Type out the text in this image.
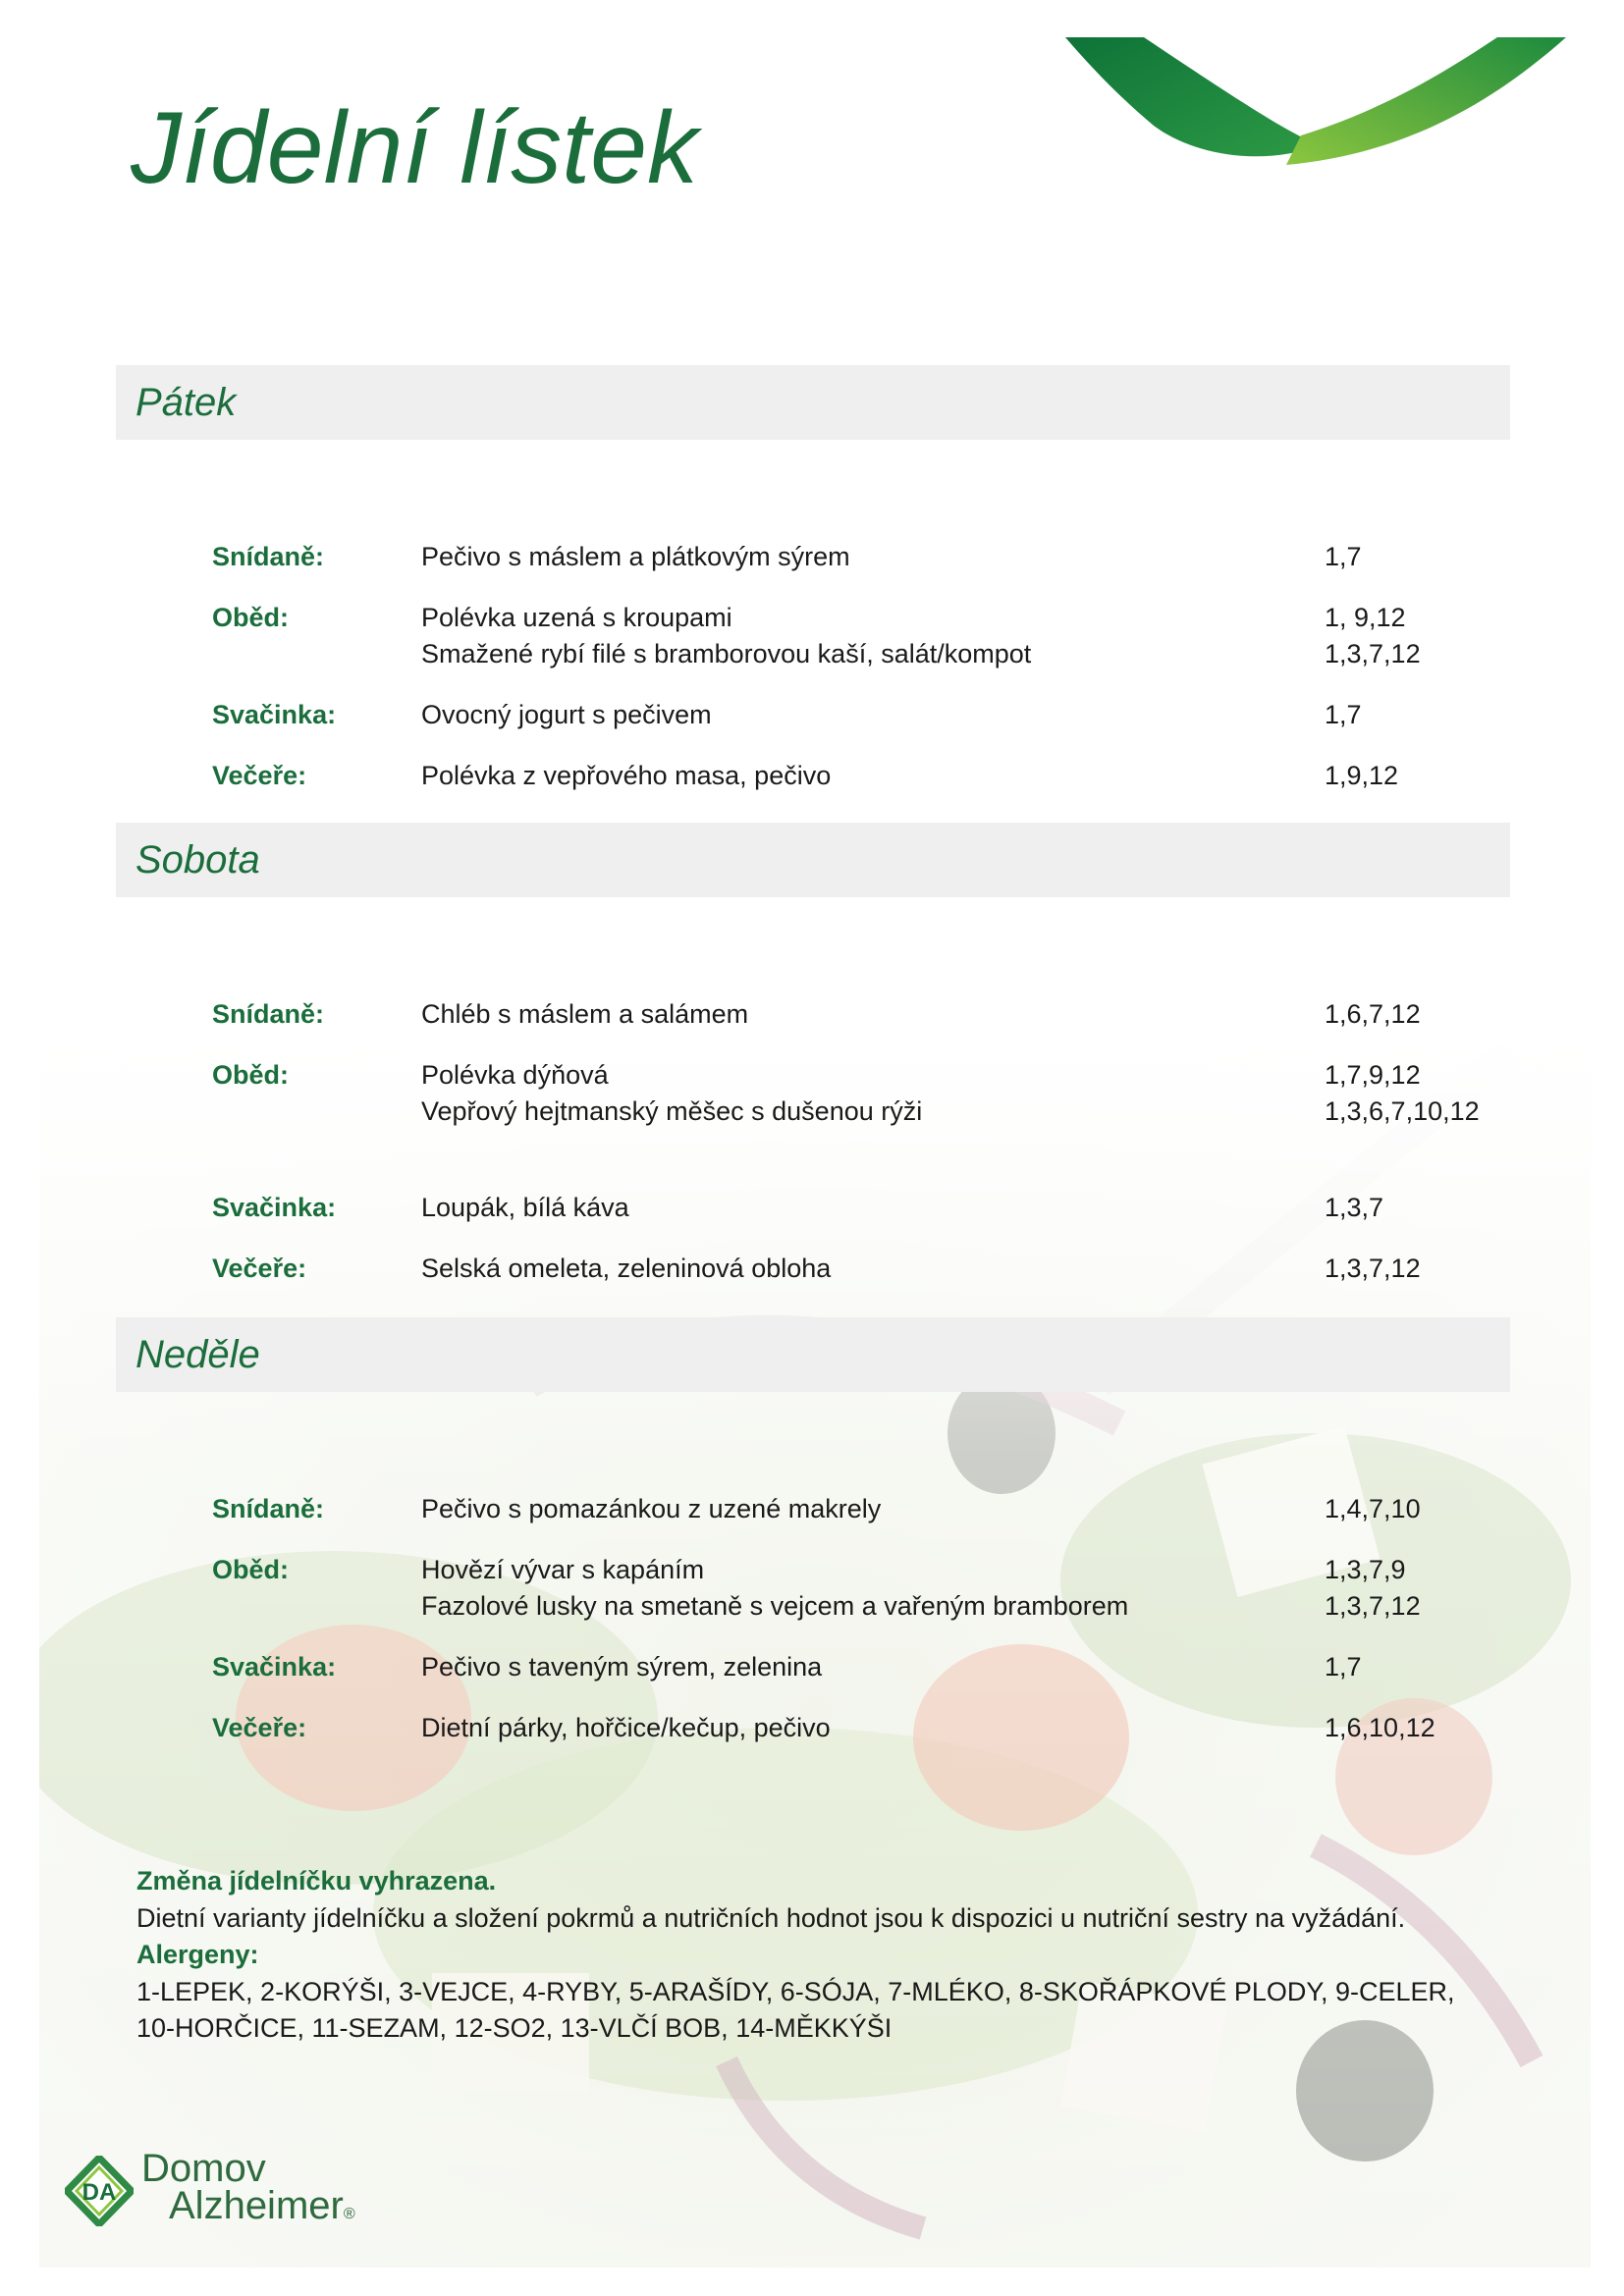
Jídelní lístek
Pátek
Snídaně:	Pečivo s máslem a plátkovým sýrem	1,7
Oběd:	Polévka uzená s kroupami	1, 9,12
Smažené rybí filé s bramborovou kaší, salát/kompot	1,3,7,12
Svačinka:	Ovocný jogurt s pečivem	1,7
Večeře:	Polévka z vepřového masa, pečivo	1,9,12
Sobota
Snídaně:	Chléb s máslem a salámem	1,6,7,12
Oběd:	Polévka dýňová	1,7,9,12
Vepřový hejtmanský měšec s dušenou rýži	1,3,6,7,10,12
Svačinka:	Loupák, bílá káva	1,3,7
Večeře:	Selská omeleta, zeleninová obloha	1,3,7,12
Neděle
Snídaně:	Pečivo s pomazánkou z uzené makrely	1,4,7,10
Oběd:	Hovězí vývar s kapáním	1,3,7,9
Fazolové lusky na smetaně s vejcem a vařeným bramborem	1,3,7,12
Svačinka:	Pečivo s taveným sýrem, zelenina	1,7
Večeře:	Dietní párky, hořčice/kečup, pečivo	1,6,10,12
Změna jídelníčku vyhrazena.
Dietní varianty jídelníčku a složení pokrmů a nutričních hodnot jsou k dispozici u nutriční sestry na vyžádání.
Alergeny:
1-LEPEK, 2-KORÝŠI, 3-VEJCE, 4-RYBY, 5-ARAŠÍDY, 6-SÓJA, 7-MLÉKO, 8-SKOŘÁPKOVÉ PLODY, 9-CELER,
10-HORČICE, 11-SEZAM, 12-SO2, 13-VLČÍ BOB, 14-MĚKKÝŠI
DA
Domov
Alzheimer®
